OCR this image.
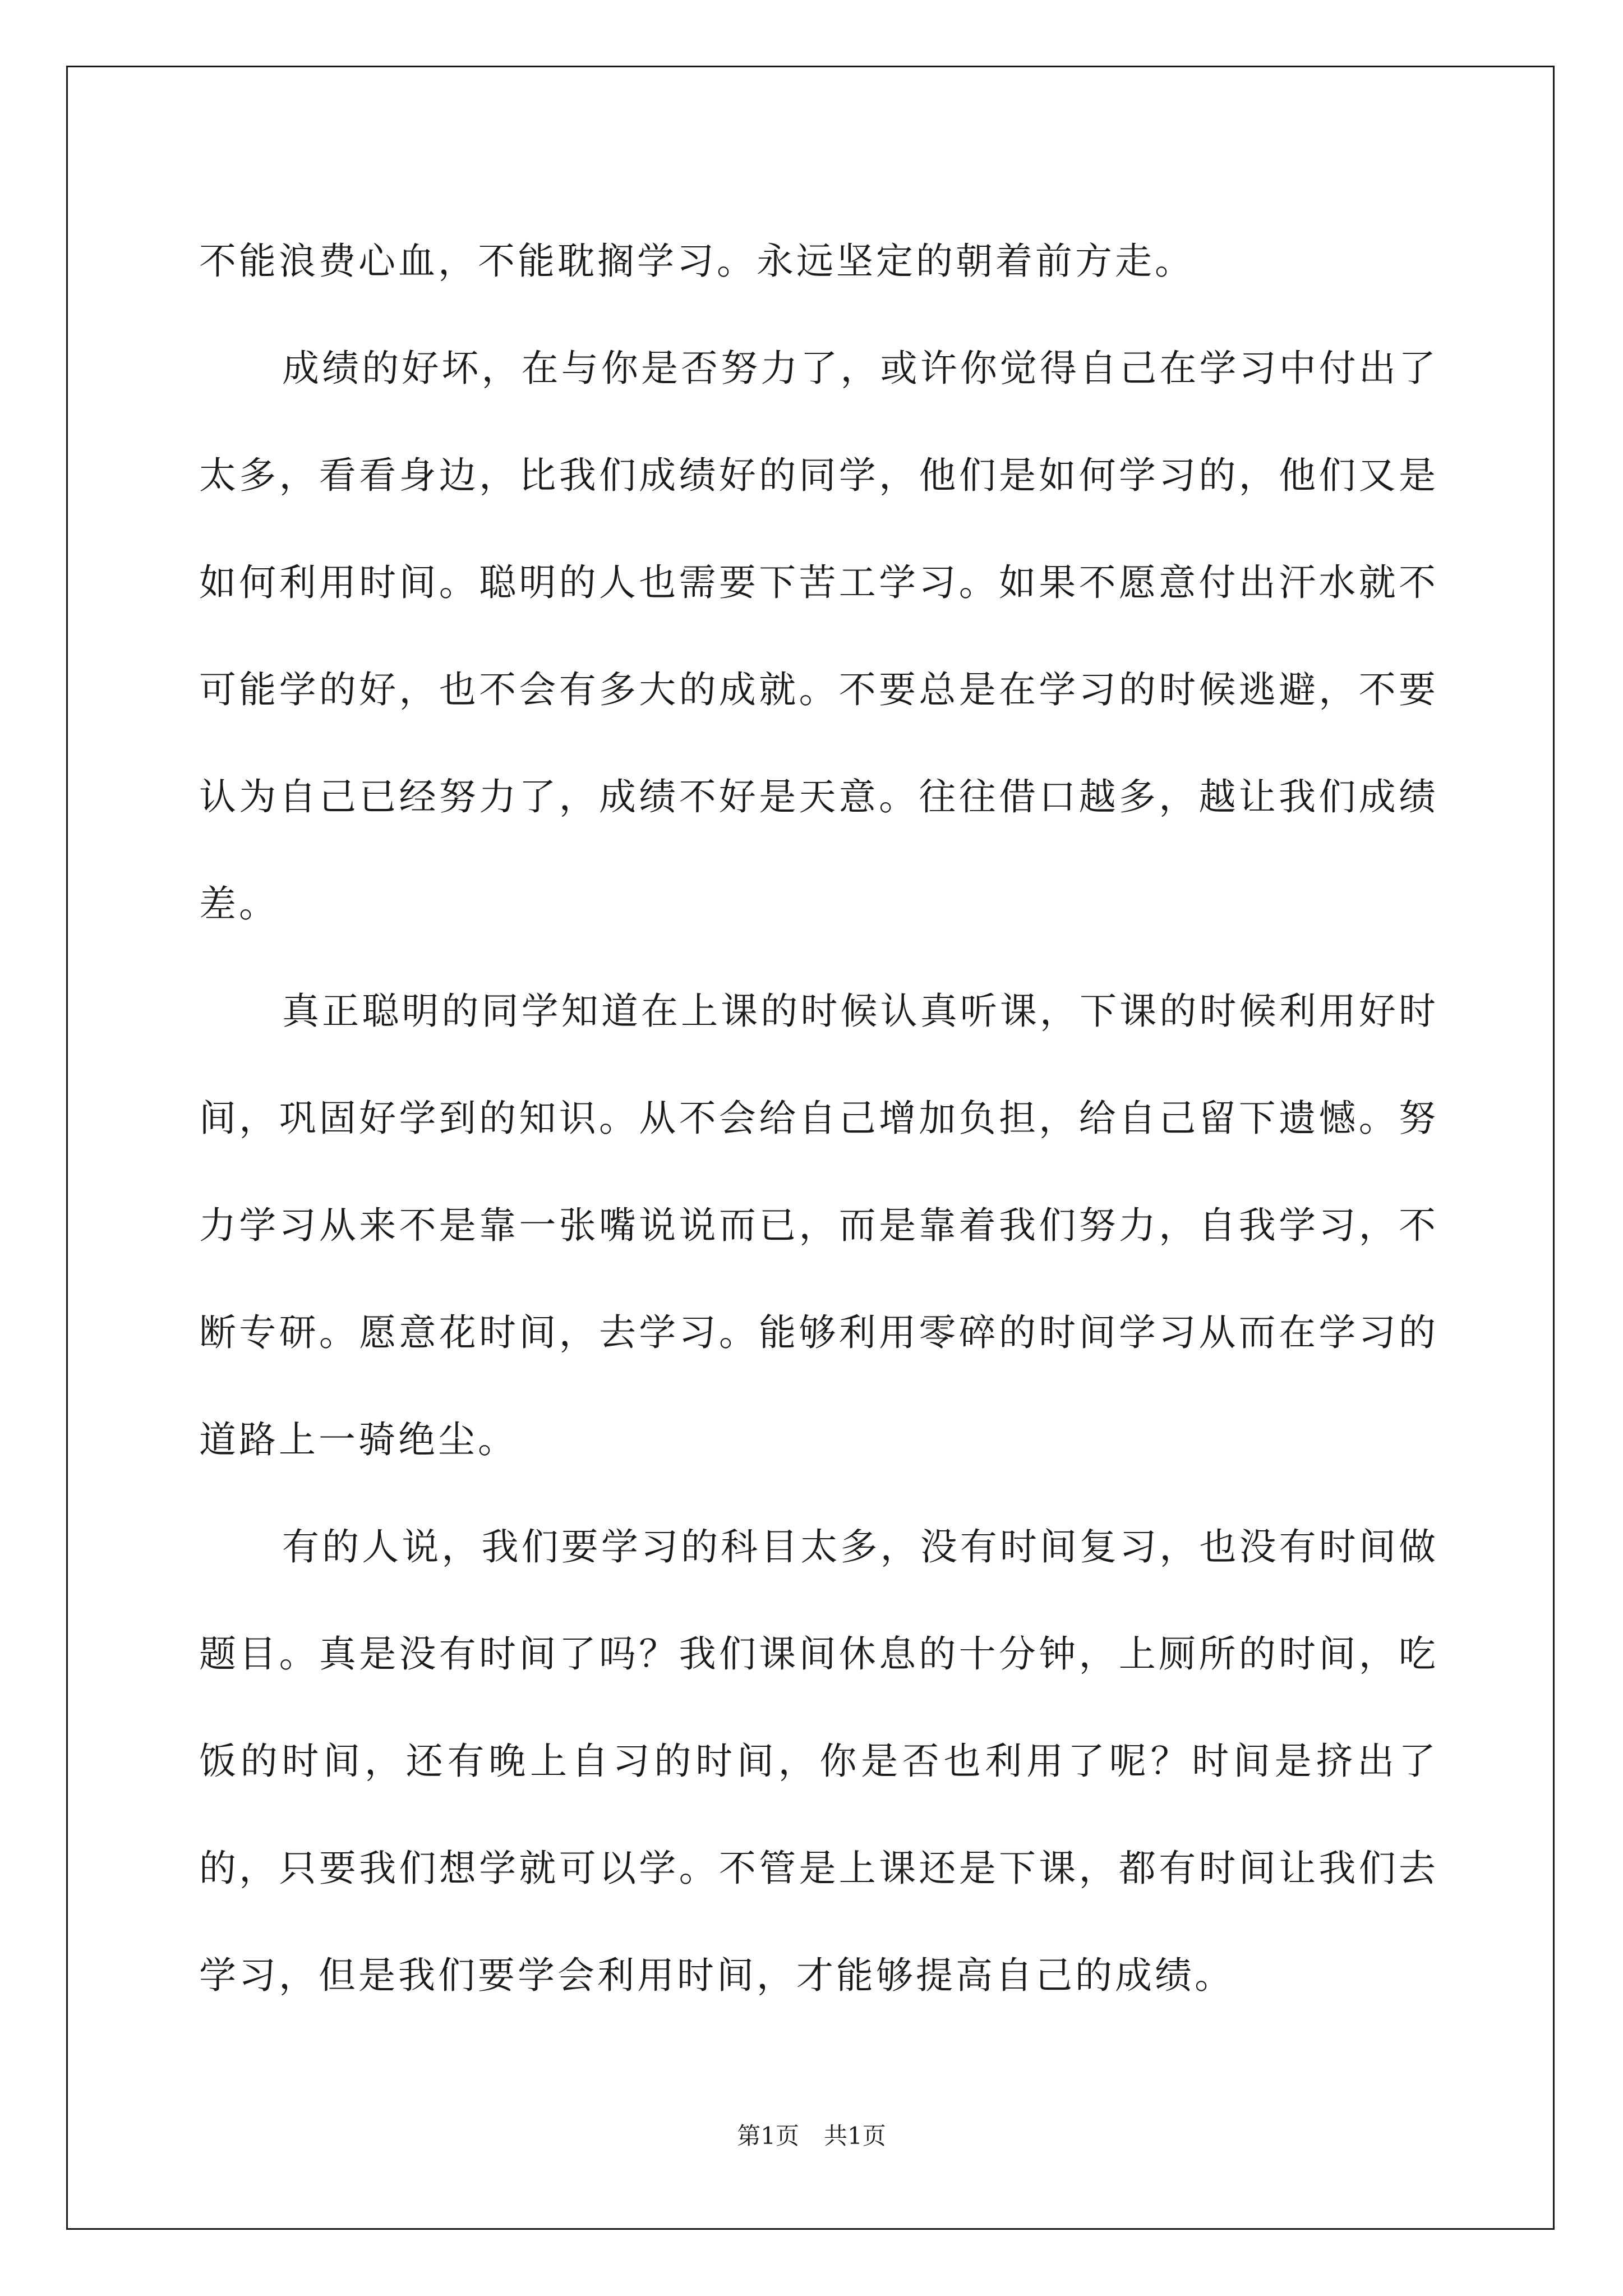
不能浪费心血，不能耽搁学习。永远坚定的朝着前方走。

成绩的好坏，在与你是否努力了，或许你觉得自己在学习中付出了太多，看看身边，比我们成绩好的同学，他们是如何学习的，他们又是如何利用时间。聪明的人也需要下苦工学习。如果不愿意付出汗水就不可能学的好，也不会有多大的成就。不要总是在学习的时候逃避，不要认为自己已经努力了，成绩不好是天意。往往借口越多，越让我们成绩差。

真正聪明的同学知道在上课的时候认真听课，下课的时候利用好时间，巩固好学到的知识。从不会给自己增加负担，给自己留下遗憾。努力学习从来不是靠一张嘴说说而已，而是靠着我们努力，自我学习，不断专研。愿意花时间，去学习。能够利用零碎的时间学习从而在学习的道路上一骑绝尘。

有的人说，我们要学习的科目太多，没有时间复习，也没有时间做题目。真是没有时间了吗？我们课间休息的十分钟，上厕所的时间，吃饭的时间，还有晚上自习的时间，你是否也利用了呢？时间是挤出了的，只要我们想学就可以学。不管是上课还是下课，都有时间让我们去学习，但是我们要学会利用时间，才能够提高自己的成绩。

第1页 共1页
